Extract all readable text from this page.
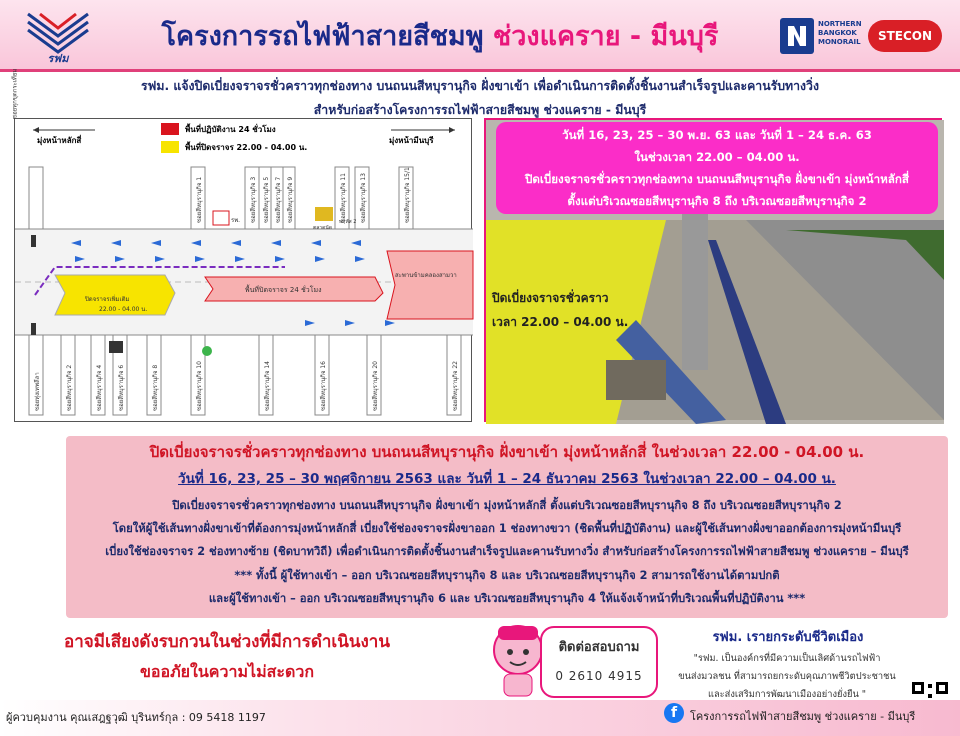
รฟม
โครงการรถไฟฟ้าสายสีชมพู ช่วงแคราย - มีนบุรี	NORTHERN BANGKOK MONORAIL	STECON
รฟม. แจ้งปิดเบี่ยงจราจรชั่วคราวทุกช่องทาง บนถนนสีหบุรานุกิจ ฝั่งขาเข้า เพื่อดำเนินการติดตั้งชิ้นงานสำเร็จรูปและคานรับทางวิ่ง
สำหรับก่อสร้างโครงการรถไฟฟ้าสายสีชมพู ช่วงแคราย - มีนบุรี
มุ่งหน้าหลักสี่	มุ่งหน้ามีนบุรี
พื้นที่ปฏิบัติงาน 24 ชั่วโมง
พื้นที่ปิดจราจร 22.00 - 04.00 น.
ซอยทุกขุดกระเทียม
ซอยสีหบุรานุกิจ 1	ซอยสีหบุรานุกิจ 3 ซอยสีหบุรานุกิจ 5 ซอยสีหบุรานุกิจ 7 ซอยสีหบุรานุกิจ 9	ซอยสีหบุรานุกิจ 11 ซอยสีหบุรานุกิจ 13	ซอยสีหบุรานุกิจ 15/1
ซอยทุ่งเทพลีลา	ซอยสีหบุรานุกิจ 2	ซอยสีหบุรานุกิจ 4	ซอยสีหบุรานุกิจ 6	ซอยสีหบุรานุกิจ 8	ซอยสีหบุรานุกิจ 10	ซอยสีหบุรานุกิจ 14	ซอยสีหบุรานุกิจ 16	ซอยสีหบุรานุกิจ 20	ซอยสีหบุรานุกิจ 22
รพ.
ตลาดนัด
พฤหัส 2
ปิดจราจรเพิ่มเติม
22.00 - 04.00 น.
พื้นที่ปิดจราจร 24 ชั่วโมง
สะพานข้ามคลองสามวา
วันที่ 16, 23, 25 – 30 พ.ย. 63 และ วันที่ 1 – 24 ธ.ค. 63
ในช่วงเวลา 22.00 – 04.00 น.
ปิดเบี่ยงจราจรชั่วคราวทุกช่องทาง บนถนนสีหบุรานุกิจ ฝั่งขาเข้า มุ่งหน้าหลักสี่
ตั้งแต่บริเวณซอยสีหบุรานุกิจ 8 ถึง บริเวณซอยสีหบุรานุกิจ 2
ปิดเบี่ยงจราจรชั่วคราว
เวลา 22.00 – 04.00 น.
ปิดเบี่ยงจราจรชั่วคราวทุกช่องทาง บนถนนสีหบุรานุกิจ ฝั่งขาเข้า มุ่งหน้าหลักสี่ ในช่วงเวลา 22.00 - 04.00 น.
วันที่ 16, 23, 25 – 30 พฤศจิกายน 2563 และ วันที่ 1 – 24 ธันวาคม 2563 ในช่วงเวลา 22.00 – 04.00 น.
ปิดเบี่ยงจราจรชั่วคราวทุกช่องทาง บนถนนสีหบุรานุกิจ ฝั่งขาเข้า มุ่งหน้าหลักสี่ ตั้งแต่บริเวณซอยสีหบุรานุกิจ 8 ถึง บริเวณซอยสีหบุรานุกิจ 2
โดยให้ผู้ใช้เส้นทางฝั่งขาเข้าที่ต้องการมุ่งหน้าหลักสี่ เบี่ยงใช้ช่องจราจรฝั่งขาออก 1 ช่องทางขวา (ชิดพื้นที่ปฏิบัติงาน) และผู้ใช้เส้นทางฝั่งขาออกต้องการมุ่งหน้ามีนบุรี
เบี่ยงใช้ช่องจราจร 2 ช่องทางซ้าย (ชิดบาทวิถี) เพื่อดำเนินการติดตั้งชิ้นงานสำเร็จรูปและคานรับทางวิ่ง สำหรับก่อสร้างโครงการรถไฟฟ้าสายสีชมพู ช่วงแคราย – มีนบุรี
*** ทั้งนี้ ผู้ใช้ทางเข้า – ออก บริเวณซอยสีหบุรานุกิจ 8 และ บริเวณซอยสีหบุรานุกิจ 2 สามารถใช้งานได้ตามปกติ
และผู้ใช้ทางเข้า – ออก บริเวณซอยสีหบุรานุกิจ 6 และ บริเวณซอยสีหบุรานุกิจ 4 ให้แจ้งเจ้าหน้าที่บริเวณพื้นที่ปฏิบัติงาน ***
อาจมีเสียงดังรบกวนในช่วงที่มีการดำเนินงาน
ขออภัยในความไม่สะดวก
ติดต่อสอบถาม
0 2610 4915
รฟม. เรายกระดับชีวิตเมือง
"รฟม. เป็นองค์กรที่มีความเป็นเลิศด้านรถไฟฟ้า
ขนส่งมวลชน ที่สามารถยกระดับคุณภาพชีวิตประชาชน
และส่งเสริมการพัฒนาเมืองอย่างยั่งยืน "
ผู้ควบคุมงาน คุณเสฎฐวุฒิ บุรินทร์กุล : 09 5418 1197	f	โครงการรถไฟฟ้าสายสีชมพู ช่วงแคราย - มีนบุรี
